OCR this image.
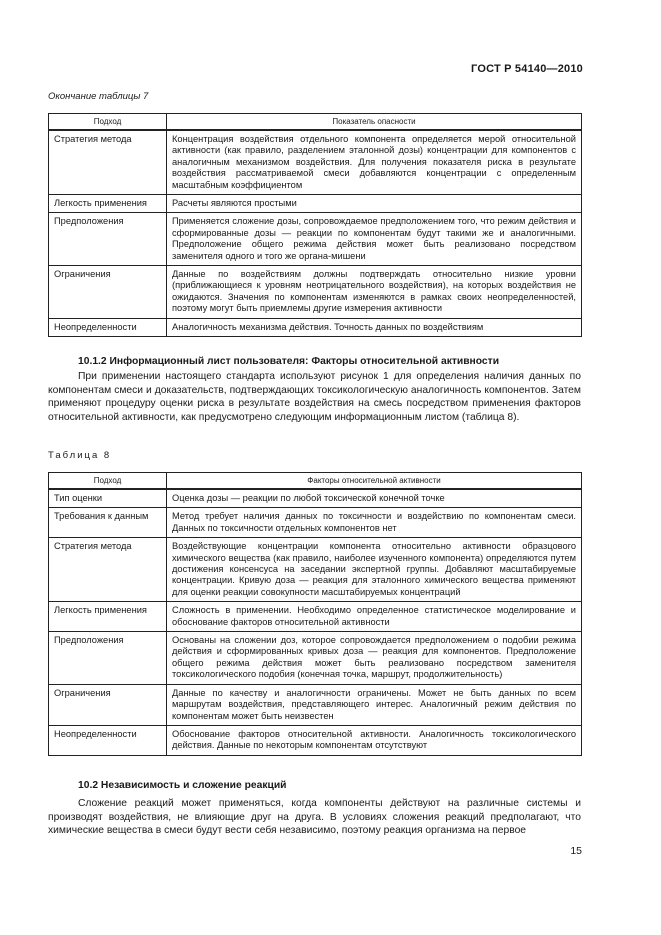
ГОСТ Р 54140—2010
Окончание таблицы 7
Подход	Показатель опасности
Стратегия метода	Концентрация воздействия отдельного компонента определяется мерой относительной активности (как правило, разделением эталонной дозы) концентрации для компонентов с аналогичным механизмом воздействия. Для получения показателя риска в результате воздействия рассматриваемой смеси добавляются концентрации с определенным масштабным коэффициентом
Легкость применения	Расчеты являются простыми
Предположения	Применяется сложение дозы, сопровождаемое предположением того, что режим действия и сформированные дозы — реакции по компонентам будут такими же и аналогичными. Предположение общего режима действия может быть реализовано посредством заменителя одного и того же органа-мишени
Ограничения	Данные по воздействиям должны подтверждать относительно низкие уровни (приближающиеся к уровням неотрицательного воздействия), на которых воздействия не ожидаются. Значения по компонентам изменяются в рамках своих неопределенностей, поэтому могут быть приемлемы другие измерения активности
Неопределенности	Аналогичность механизма действия. Точность данных по воздействиям
10.1.2 Информационный лист пользователя: Факторы относительной активности

При применении настоящего стандарта используют рисунок 1 для определения наличия данных по компонентам смеси и доказательств, подтверждающих токсикологическую аналогичность компонентов. Затем применяют процедуру оценки риска в результате воздействия на смесь посредством применения факторов относительной активности, как предусмотрено следующим информационным листом (таблица 8).

Таблица 8
Подход	Факторы относительной активности
Тип оценки	Оценка дозы — реакции по любой токсической конечной точке
Требования к данным	Метод требует наличия данных по токсичности и воздействию по компонентам смеси. Данных по токсичности отдельных компонентов нет
Стратегия метода	Воздействующие концентрации компонента относительно активности образцового химического вещества (как правило, наиболее изученного компонента) определяются путем достижения консенсуса на заседании экспертной группы. Добавляют масштабируемые концентрации. Кривую доза — реакция для эталонного химического вещества применяют для оценки реакции совокупности масштабируемых концентраций
Легкость применения	Сложность в применении. Необходимо определенное статистическое моделирование и обоснование факторов относительной активности
Предположения	Основаны на сложении доз, которое сопровождается предположением о подобии режима действия и сформированных кривых доза — реакция для компонентов. Предположение общего режима действия может быть реализовано посредством заменителя токсикологического подобия (конечная точка, маршрут, продолжительность)
Ограничения	Данные по качеству и аналогичности ограничены. Может не быть данных по всем маршрутам воздействия, представляющего интерес. Аналогичный режим действия по компонентам может быть неизвестен
Неопределенности	Обоснование факторов относительной активности. Аналогичность токсикологического действия. Данные по некоторым компонентам отсутствуют
10.2 Независимость и сложение реакций

Сложение реакций может применяться, когда компоненты действуют на различные системы и производят воздействия, не влияющие друг на друга. В условиях сложения реакций предполагают, что химические вещества в смеси будут вести себя независимо, поэтому реакция организма на первое

15
